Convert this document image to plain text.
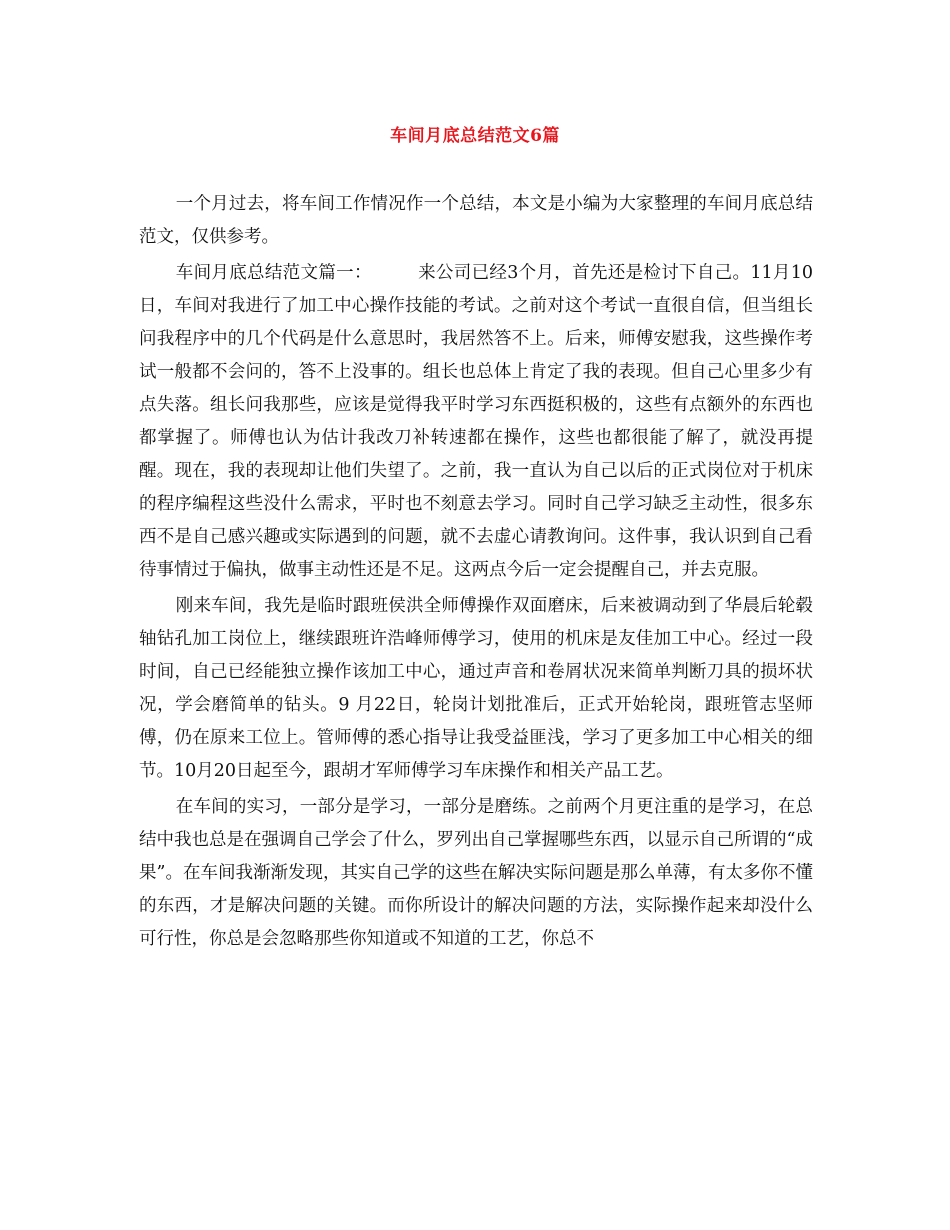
车间月底总结范文6篇

一个月过去，将车间工作情况作一个总结，本文是小编为大家整理的车间月底总结范文，仅供参考。

车间月底总结范文篇一：	来公司已经3个月，首先还是检讨下自己。11月10日，车间对我进行了加工中心操作技能的考试。之前对这个考试一直很自信，但当组长问我程序中的几个代码是什么意思时，我居然答不上。后来，师傅安慰我，这些操作考试一般都不会问的，答不上没事的。组长也总体上肯定了我的表现。但自己心里多少有点失落。组长问我那些，应该是觉得我平时学习东西挺积极的，这些有点额外的东西也都掌握了。师傅也认为估计我改刀补转速都在操作，这些也都很能了解了，就没再提醒。现在，我的表现却让他们失望了。之前，我一直认为自己以后的正式岗位对于机床的程序编程这些没什么需求，平时也不刻意去学习。同时自己学习缺乏主动性，很多东西不是自己感兴趣或实际遇到的问题，就不去虚心请教询问。这件事，我认识到自己看待事情过于偏执，做事主动性还是不足。这两点今后一定会提醒自己，并去克服。

刚来车间，我先是临时跟班侯洪全师傅操作双面磨床，后来被调动到了华晨后轮毂轴钻孔加工岗位上，继续跟班许浩峰师傅学习，使用的机床是友佳加工中心。经过一段时间，自己已经能独立操作该加工中心，通过声音和卷屑状况来简单判断刀具的损坏状况，学会磨简单的钻头。9 月22日，轮岗计划批准后，正式开始轮岗，跟班管志坚师傅，仍在原来工位上。管师傅的悉心指导让我受益匪浅，学习了更多加工中心相关的细节。10月20日起至今，跟胡才军师傅学习车床操作和相关产品工艺。

在车间的实习，一部分是学习，一部分是磨练。之前两个月更注重的是学习，在总结中我也总是在强调自己学会了什么，罗列出自己掌握哪些东西，以显示自己所谓的“成果”。在车间我渐渐发现，其实自己学的这些在解决实际问题是那么单薄，有太多你不懂的东西，才是解决问题的关键。而你所设计的解决问题的方法，实际操作起来却没什么可行性，你总是会忽略那些你知道或不知道的工艺，你总不
